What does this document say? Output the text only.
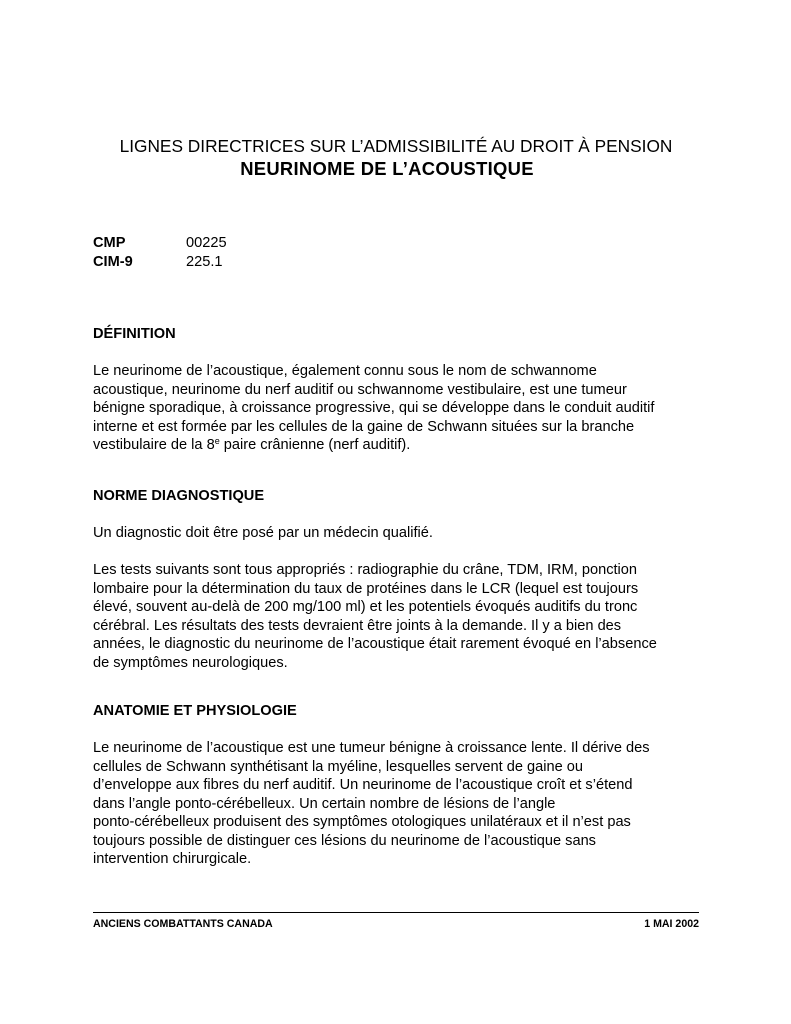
LIGNES DIRECTRICES SUR L’ADMISSIBILITÉ AU DROIT À PENSION
NEURINOME DE L’ACOUSTIQUE
CMP	00225
CIM-9	225.1
DÉFINITION

Le neurinome de l’acoustique, également connu sous le nom de schwannome
acoustique, neurinome du nerf auditif ou schwannome vestibulaire, est une tumeur
bénigne sporadique, à croissance progressive, qui se développe dans le conduit auditif
interne et est formée par les cellules de la gaine de Schwann situées sur la branche
vestibulaire de la 8e paire crânienne (nerf auditif).

NORME DIAGNOSTIQUE

Un diagnostic doit être posé par un médecin qualifié.

Les tests suivants sont tous appropriés : radiographie du crâne, TDM, IRM, ponction
lombaire pour la détermination du taux de protéines dans le LCR (lequel est toujours
élevé, souvent au-delà de 200 mg/100 ml) et les potentiels évoqués auditifs du tronc
cérébral. Les résultats des tests devraient être joints à la demande. Il y a bien des
années, le diagnostic du neurinome de l’acoustique était rarement évoqué en l’absence
de symptômes neurologiques.

ANATOMIE ET PHYSIOLOGIE

Le neurinome de l’acoustique est une tumeur bénigne à croissance lente. Il dérive des
cellules de Schwann synthétisant la myéline, lesquelles servent de gaine ou
d’enveloppe aux fibres du nerf auditif. Un neurinome de l’acoustique croît et s’étend
dans l’angle ponto-cérébelleux. Un certain nombre de lésions de l’angle
ponto-cérébelleux produisent des symptômes otologiques unilatéraux et il n’est pas
toujours possible de distinguer ces lésions du neurinome de l’acoustique sans
intervention chirurgicale.

ANCIENS COMBATTANTS CANADA	1 MAI 2002
